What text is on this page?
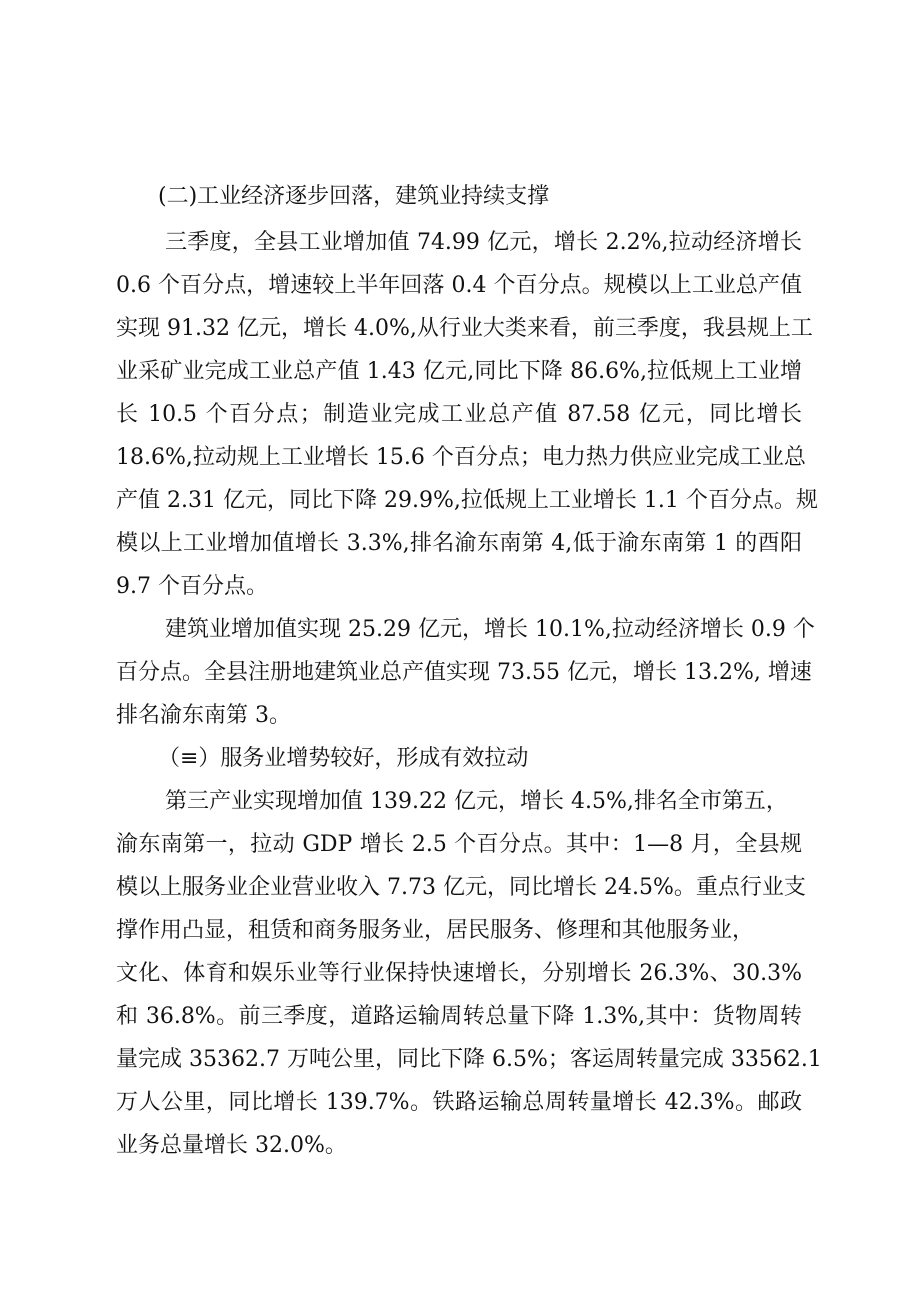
(二)工业经济逐步回落，建筑业持续支撑

三季度，全县工业增加值 74.99 亿元，增长 2.2%,拉动经济增长

0.6 个百分点，增速较上半年回落 0.4 个百分点。规模以上工业总产值

实现 91.32 亿元，增长 4.0%,从行业大类来看，前三季度，我县规上工

业采矿业完成工业总产值 1.43 亿元,同比下降 86.6%,拉低规上工业增

长 10.5 个百分点；制造业完成工业总产值 87.58 亿元，同比增长

18.6%,拉动规上工业增长 15.6 个百分点；电力热力供应业完成工业总

产值 2.31 亿元，同比下降 29.9%,拉低规上工业增长 1.1 个百分点。规

模以上工业增加值增长 3.3%,排名渝东南第 4,低于渝东南第 1 的酉阳

9.7 个百分点。

建筑业增加值实现 25.29 亿元，增长 10.1%,拉动经济增长 0.9 个

百分点。全县注册地建筑业总产值实现 73.55 亿元，增长 13.2%, 增速

排名渝东南第 3。

（≡）服务业增势较好，形成有效拉动

第三产业实现增加值 139.22 亿元，增长 4.5%,排名全市第五，

渝东南第一，拉动 GDP 增长 2.5 个百分点。其中：1—8 月，全县规

模以上服务业企业营业收入 7.73 亿元，同比增长 24.5%。重点行业支

撑作用凸显，租赁和商务服务业，居民服务、修理和其他服务业，

文化、体育和娱乐业等行业保持快速增长，分别增长 26.3%、30.3%

和 36.8%。前三季度，道路运输周转总量下降 1.3%,其中：货物周转

量完成 35362.7 万吨公里，同比下降 6.5%；客运周转量完成 33562.1

万人公里，同比增长 139.7%。铁路运输总周转量增长 42.3%。邮政

业务总量增长 32.0%。
